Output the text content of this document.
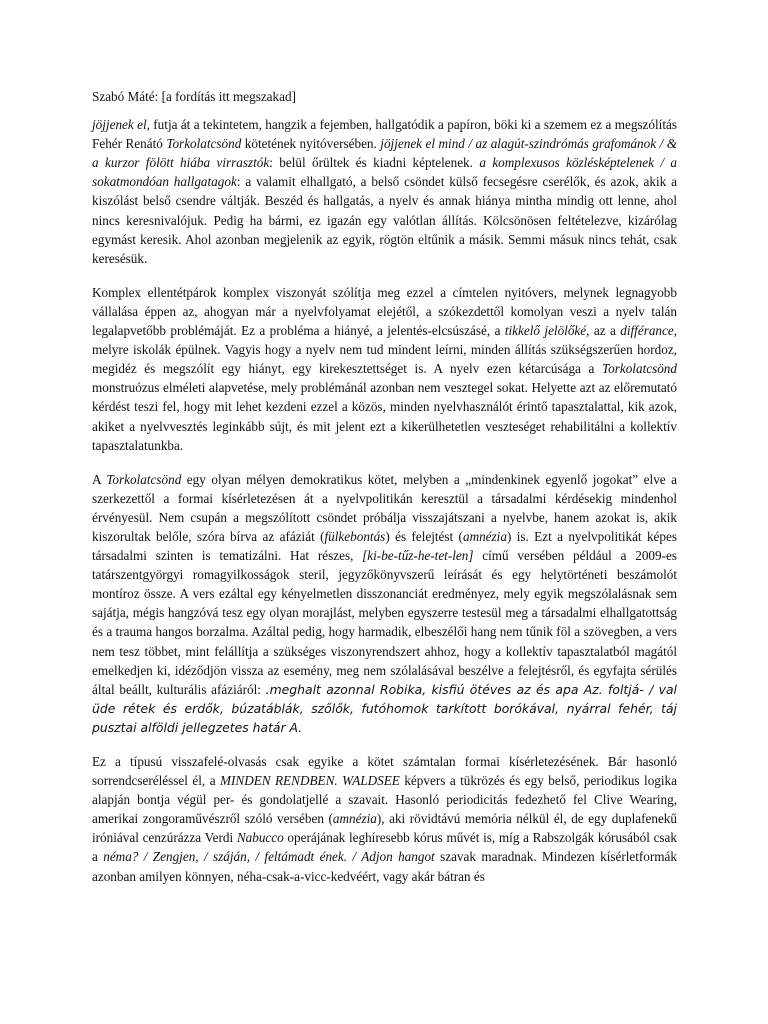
Szabó Máté: [a fordítás itt megszakad]

jöjjenek el, futja át a tekintetem, hangzik a fejemben, hallgatódik a papíron, böki ki a szemem ez a megszólítás Fehér Renátó Torkolatcsönd kötetének nyitóversében. jöjjenek el mind / az alagút-szindrómás grafománok / & a kurzor fölött hiába virrasztók: belül őrültek és kiadni képtelenek. a komplexusos közlésképtelenek / a sokatmondóan hallgatagok: a valamit elhallgató, a belső csöndet külső fecsegésre cserélők, és azok, akik a kiszólást belső csendre váltják. Beszéd és hallgatás, a nyelv és annak hiánya mintha mindig ott lenne, ahol nincs keresnivalójuk. Pedig ha bármi, ez igazán egy valótlan állítás. Kölcsönösen feltételezve, kizárólag egymást keresik. Ahol azonban megjelenik az egyik, rögtön eltűnik a másik. Semmi másuk nincs tehát, csak keresésük.

Komplex ellentétpárok komplex viszonyát szólítja meg ezzel a címtelen nyitóvers, melynek legnagyobb vállalása éppen az, ahogyan már a nyelvfolyamat elejétől, a szókezdettől komolyan veszi a nyelv talán legalapvetőbb problémáját. Ez a probléma a hiányé, a jelentés-elcsúszásé, a tikkelő jelölőké, az a différance, melyre iskolák épülnek. Vagyis hogy a nyelv nem tud mindent leírni, minden állítás szükségszerűen hordoz, megidéz és megszólít egy hiányt, egy kirekesztettséget is. A nyelv ezen kétarcúsága a Torkolatcsönd monstruózus elméleti alapvetése, mely problémánál azonban nem vesztegel sokat. Helyette azt az előremutató kérdést teszi fel, hogy mit lehet kezdeni ezzel a közös, minden nyelvhasználót érintő tapasztalattal, kik azok, akiket a nyelvvesztés leginkább sújt, és mit jelent ezt a kikerülhetetlen veszteséget rehabilitálni a kollektív tapasztalatunkba.

A Torkolatcsönd egy olyan mélyen demokratikus kötet, melyben a „mindenkinek egyenlő jogokat” elve a szerkezettől a formai kísérletezésen át a nyelvpolitikán keresztül a társadalmi kérdésekig mindenhol érvényesül. Nem csupán a megszólított csöndet próbálja visszajátszani a nyelvbe, hanem azokat is, akik kiszorultak belőle, szóra bírva az afáziát (fülkebontás) és felejtést (amnézia) is. Ezt a nyelvpolitikát képes társadalmi szinten is tematizálni. Hat részes, [ki-be-tűz-he-tet-len] című versében például a 2009-es tatárszentgyörgyi romagyilkosságok steril, jegyzőkönyvszerű leírását és egy helytörténeti beszámolót montíroz össze. A vers ezáltal egy kényelmetlen disszonanciát eredményez, mely egyik megszólalásnak sem sajátja, mégis hangzóvá tesz egy olyan morajlást, melyben egyszerre testesül meg a társadalmi elhallgatottság és a trauma hangos borzalma. Azáltal pedig, hogy harmadik, elbeszélői hang nem tűnik föl a szövegben, a vers nem tesz többet, mint felállítja a szükséges viszonyrendszert ahhoz, hogy a kollektív tapasztalatból magától emelkedjen ki, idéződjön vissza az esemény, meg nem szólalásával beszélve a felejtésről, és egyfajta sérülés által beállt, kulturális afáziáról: .meghalt azonnal Robika, kisfiú ötéves az és apa Az. foltjá- / val üde rétek és erdők, búzatáblák, szőlők, futóhomok tarkított borókával, nyárral fehér, táj pusztai alföldi jellegzetes határ A.

Ez a típusú visszafelé-olvasás csak egyike a kötet számtalan formai kísérletezésének. Bár hasonló sorrendcseréléssel él, a MINDEN RENDBEN. WALDSEE képvers a tükrözés és egy belső, periodikus logika alapján bontja végül per- és gondolatjellé a szavait. Hasonló periodicitás fedezhető fel Clive Wearing, amerikai zongoraművészről szóló versében (amnézia), aki rövidtávú memória nélkül él, de egy duplafenekű iróniával cenzúrázza Verdi Nabucco operájának leghíresebb kórus művét is, míg a Rabszolgák kórusából csak a néma? / Zengjen, / száján, / feltámadt ének. / Adjon hangot szavak maradnak. Mindezen kísérletformák azonban amilyen könnyen, néha-csak-a-vicc-kedvéért, vagy akár bátran és
